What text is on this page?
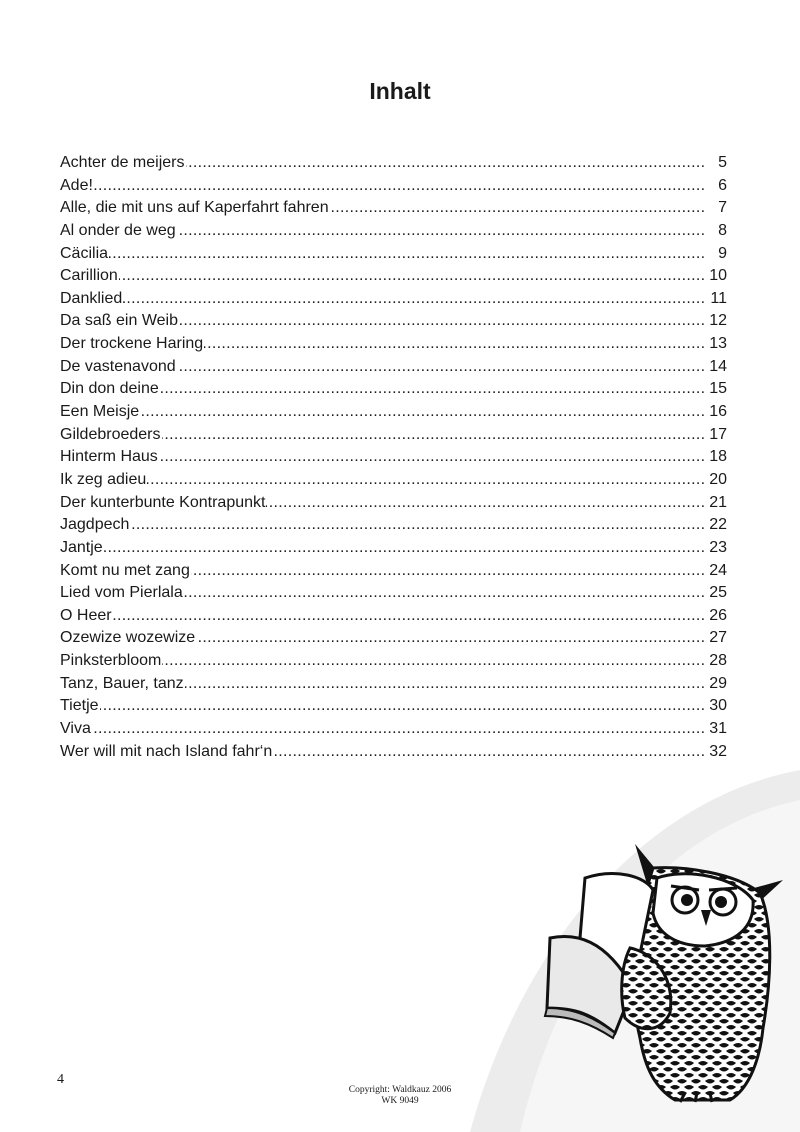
Inhalt
..... Achter de meijers	5
..... Ade!	6
..... Alle, die mit uns auf Kaperfahrt fahren	7
..... Al onder de weg	8
..... Cäcilia	9
..... Carillion	10
..... Danklied	11
..... Da saß ein Weib	12
..... Der trockene Haring	13
..... De vastenavond	14
..... Din don deine	15
..... Een Meisje	16
..... Gildebroeders	17
..... Hinterm Haus	18
..... Ik zeg adieu	20
..... Der kunterbunte Kontrapunkt	21
..... Jagdpech	22
..... Jantje	23
..... Komt nu met zang	24
..... Lied vom Pierlala	25
..... O Heer	26
..... Ozewize wozewize	27
..... Pinksterbloom	28
..... Tanz, Bauer, tanz	29
..... Tietje	30
..... Viva	31
..... Wer will mit nach Island fahr‘n	32
4
Copyright: Waldkauz 2006
WK 9049
